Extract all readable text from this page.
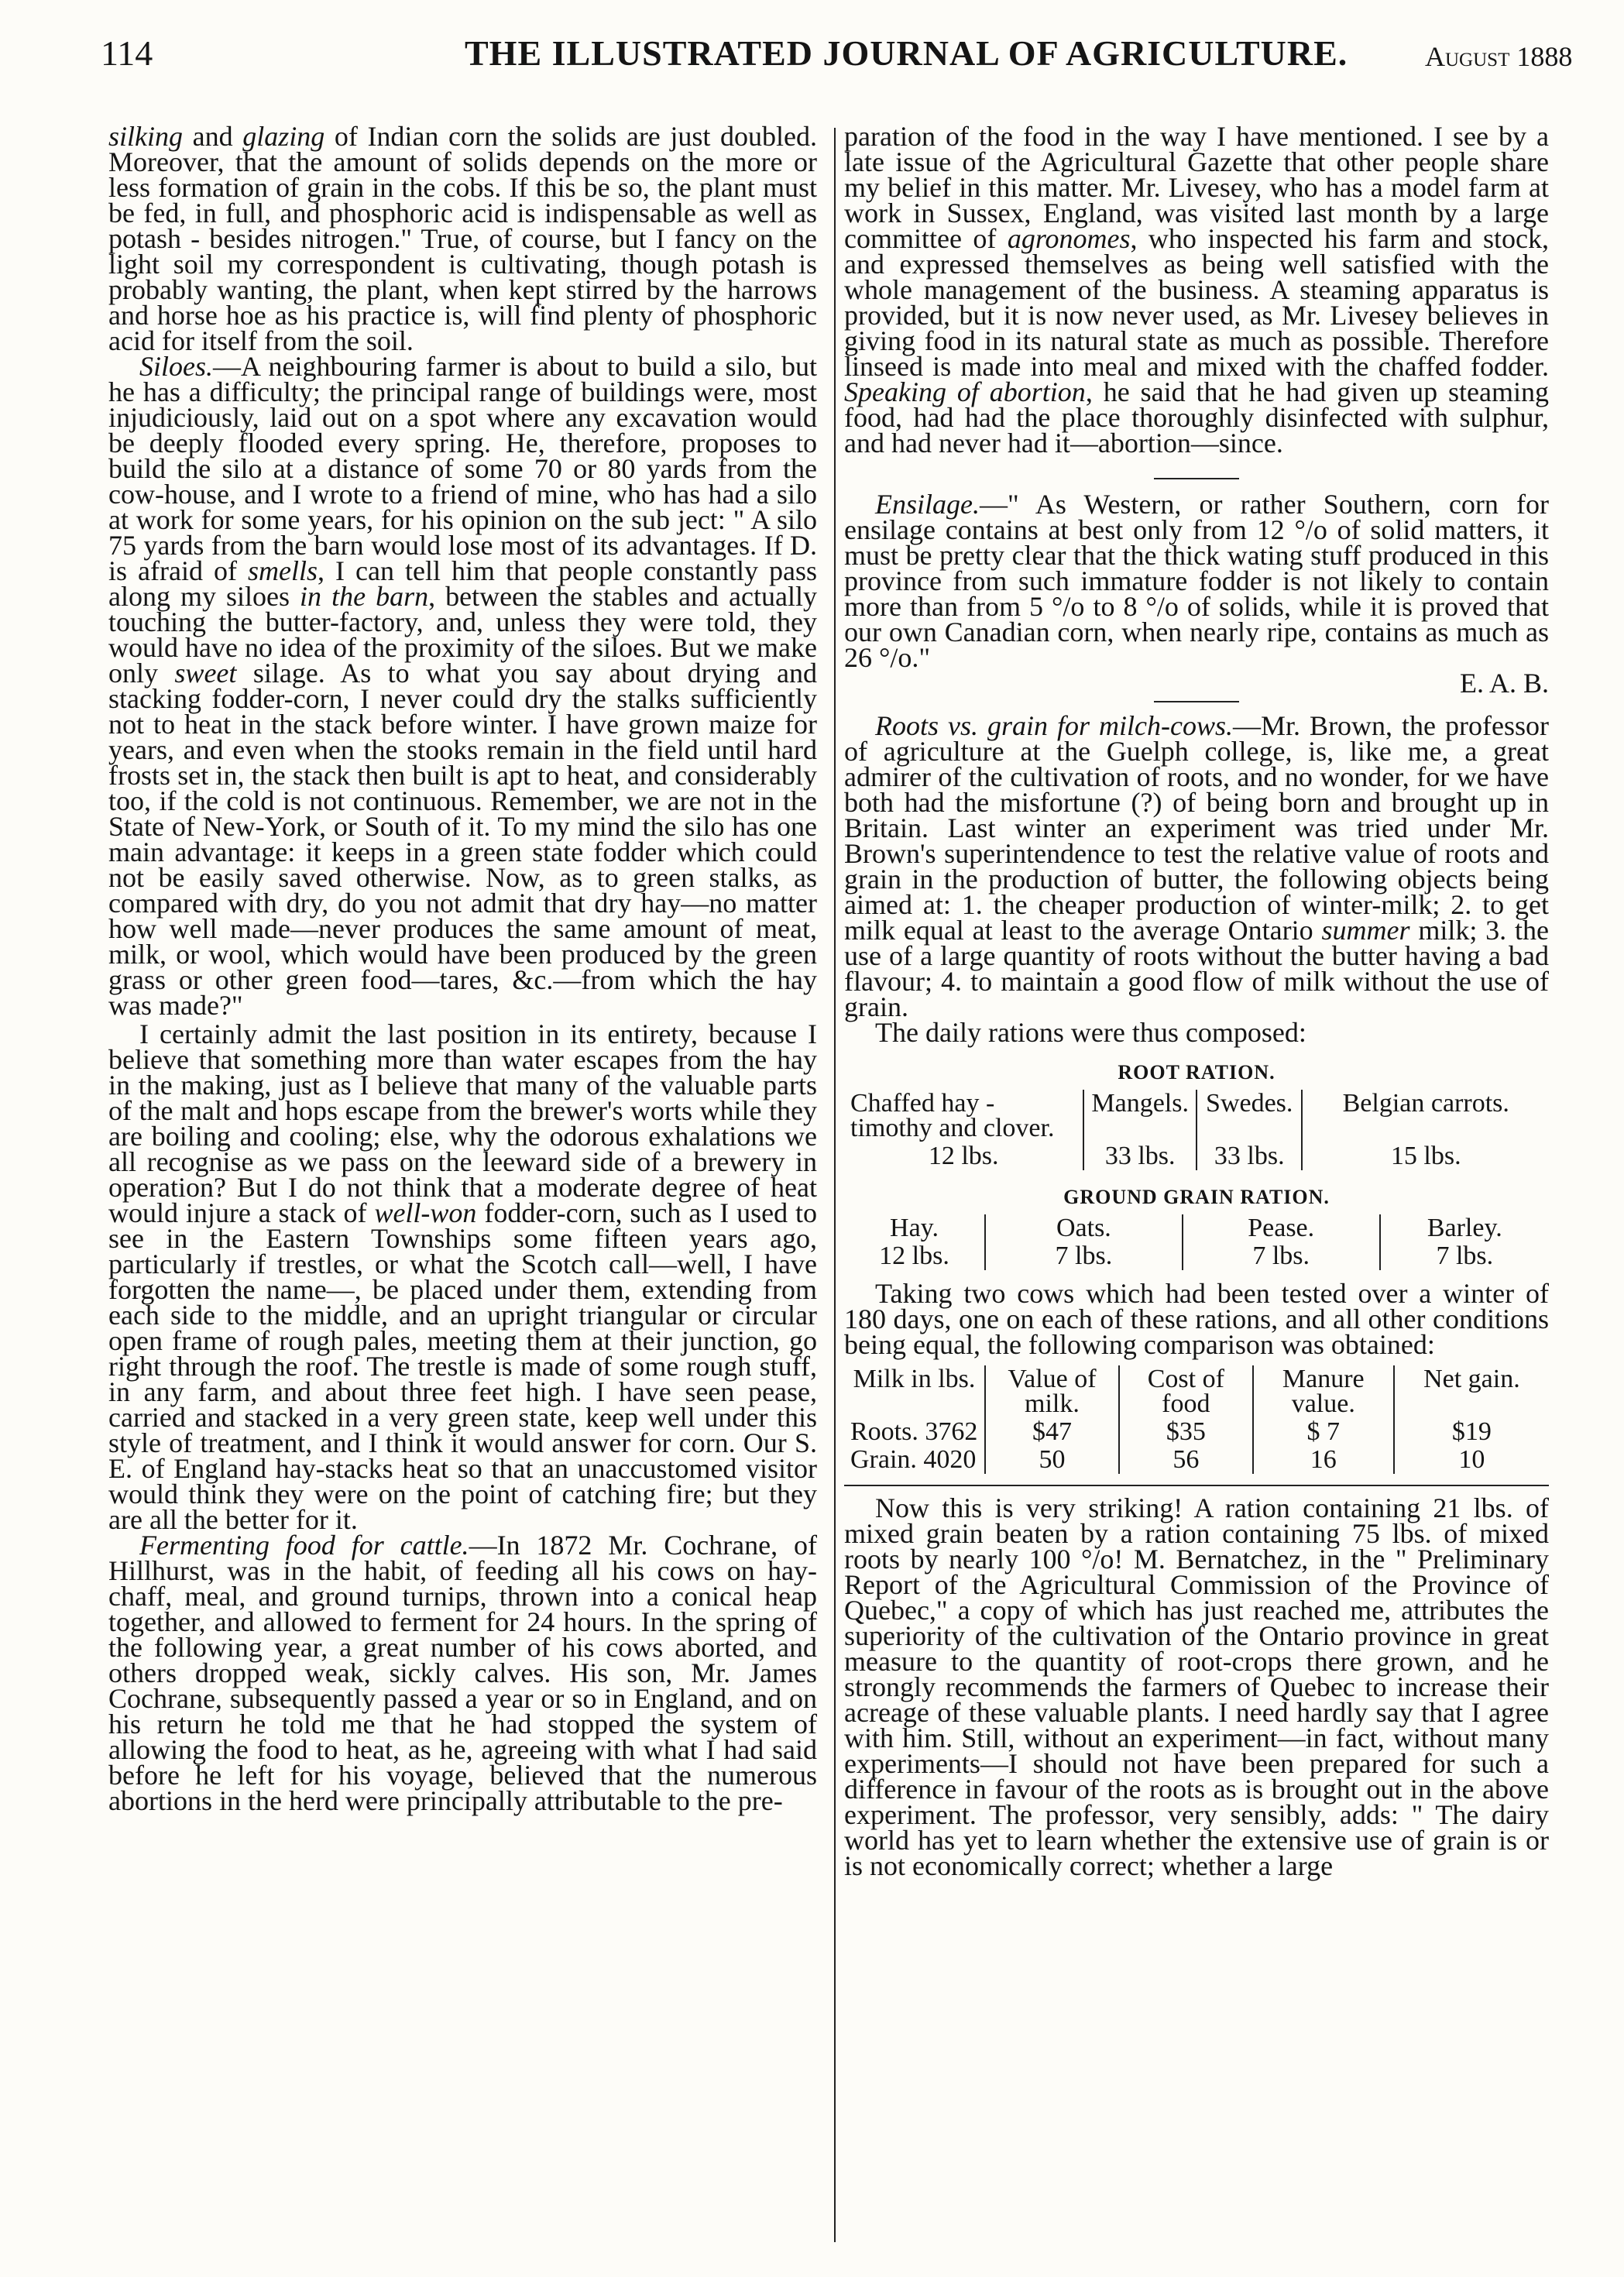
114	THE ILLUSTRATED JOURNAL OF AGRICULTURE.	August 1888

silking and glazing of Indian corn the solids are just doubled. Moreover, that the amount of solids depends on the more or less formation of grain in the cobs. If this be so, the plant must be fed, in full, and phosphoric acid is indispensable as well as potash - besides nitrogen." True, of course, but I fancy on the light soil my correspondent is cultivating, though potash is probably wanting, the plant, when kept stirred by the harrows and horse hoe as his practice is, will find plenty of phosphoric acid for itself from the soil.

Siloes.—A neighbouring farmer is about to build a silo, but he has a difficulty; the principal range of buildings were, most injudiciously, laid out on a spot where any excavation would be deeply flooded every spring. He, therefore, proposes to build the silo at a distance of some 70 or 80 yards from the cow-house, and I wrote to a friend of mine, who has had a silo at work for some years, for his opinion on the sub ject: " A silo 75 yards from the barn would lose most of its advantages. If D. is afraid of smells, I can tell him that people constantly pass along my siloes in the barn, between the stables and actually touching the butter-factory, and, unless they were told, they would have no idea of the proximity of the siloes. But we make only sweet silage. As to what you say about drying and stacking fodder-corn, I never could dry the stalks sufficiently not to heat in the stack before winter. I have grown maize for years, and even when the stooks remain in the field until hard frosts set in, the stack then built is apt to heat, and considerably too, if the cold is not continuous. Remember, we are not in the State of New-York, or South of it. To my mind the silo has one main advantage: it keeps in a green state fodder which could not be easily saved otherwise. Now, as to green stalks, as compared with dry, do you not admit that dry hay—no matter how well made—never produces the same amount of meat, milk, or wool, which would have been produced by the green grass or other green food—tares, &c.—from which the hay was made?"

I certainly admit the last position in its entirety, because I believe that something more than water escapes from the hay in the making, just as I believe that many of the valuable parts of the malt and hops escape from the brewer's worts while they are boiling and cooling; else, why the odorous exhalations we all recognise as we pass on the leeward side of a brewery in operation? But I do not think that a moderate degree of heat would injure a stack of well-won fodder-corn, such as I used to see in the Eastern Townships some fifteen years ago, particularly if trestles, or what the Scotch call—well, I have forgotten the name—, be placed under them, extending from each side to the middle, and an upright triangular or circular open frame of rough pales, meeting them at their junction, go right through the roof. The trestle is made of some rough stuff, in any farm, and about three feet high. I have seen pease, carried and stacked in a very green state, keep well under this style of treatment, and I think it would answer for corn. Our S. E. of England hay-stacks heat so that an unaccustomed visitor would think they were on the point of catching fire; but they are all the better for it.

Fermenting food for cattle.—In 1872 Mr. Cochrane, of Hillhurst, was in the habit, of feeding all his cows on hay-chaff, meal, and ground turnips, thrown into a conical heap together, and allowed to ferment for 24 hours. In the spring of the following year, a great number of his cows aborted, and others dropped weak, sickly calves. His son, Mr. James Cochrane, subsequently passed a year or so in England, and on his return he told me that he had stopped the system of allowing the food to heat, as he, agreeing with what I had said before he left for his voyage, believed that the numerous abortions in the herd were principally attributable to the pre-

paration of the food in the way I have mentioned. I see by a late issue of the Agricultural Gazette that other people share my belief in this matter. Mr. Livesey, who has a model farm at work in Sussex, England, was visited last month by a large committee of agronomes, who inspected his farm and stock, and expressed themselves as being well satisfied with the whole management of the business. A steaming apparatus is provided, but it is now never used, as Mr. Livesey believes in giving food in its natural state as much as possible. Therefore linseed is made into meal and mixed with the chaffed fodder. Speaking of abortion, he said that he had given up steaming food, had had the place thoroughly disinfected with sulphur, and had never had it—abortion—since.

Ensilage.—" As Western, or rather Southern, corn for ensilage contains at best only from 12 °/o of solid matters, it must be pretty clear that the thick wating stuff produced in this province from such immature fodder is not likely to contain more than from 5 °/o to 8 °/o of solids, while it is proved that our own Canadian corn, when nearly ripe, contains as much as 26 °/o."

E. A. B.

Roots vs. grain for milch-cows.—Mr. Brown, the professor of agriculture at the Guelph college, is, like me, a great admirer of the cultivation of roots, and no wonder, for we have both had the misfortune (?) of being born and brought up in Britain. Last winter an experiment was tried under Mr. Brown's superintendence to test the relative value of roots and grain in the production of butter, the following objects being aimed at: 1. the cheaper production of winter-milk; 2. to get milk equal at least to the average Ontario summer milk; 3. the use of a large quantity of roots without the butter having a bad flavour; 4. to maintain a good flow of milk without the use of grain.

The daily rations were thus composed:

ROOT RATION.
Chaffed hay - timothy and clover.	Mangels.	Swedes.	Belgian carrots.
12 lbs.	33 lbs.	33 lbs.	15 lbs.
GROUND GRAIN RATION.
Hay.	Oats.	Pease.	Barley.
12 lbs.	7 lbs.	7 lbs.	7 lbs.

Taking two cows which had been tested over a winter of 180 days, one on each of these rations, and all other conditions being equal, the following comparison was obtained:

Milk in lbs.	Value of milk.	Cost of food	Manure value.	Net gain.
Roots. 3762	$47	$35	$ 7	$19
Grain. 4020	50	56	16	10

Now this is very striking! A ration containing 21 lbs. of mixed grain beaten by a ration containing 75 lbs. of mixed roots by nearly 100 °/o! M. Bernatchez, in the " Preliminary Report of the Agricultural Commission of the Province of Quebec," a copy of which has just reached me, attributes the superiority of the cultivation of the Ontario province in great measure to the quantity of root-crops there grown, and he strongly recommends the farmers of Quebec to increase their acreage of these valuable plants. I need hardly say that I agree with him. Still, without an experiment—in fact, without many experiments—I should not have been prepared for such a difference in favour of the roots as is brought out in the above experiment. The professor, very sensibly, adds: " The dairy world has yet to learn whether the extensive use of grain is or is not economically correct; whether a large
